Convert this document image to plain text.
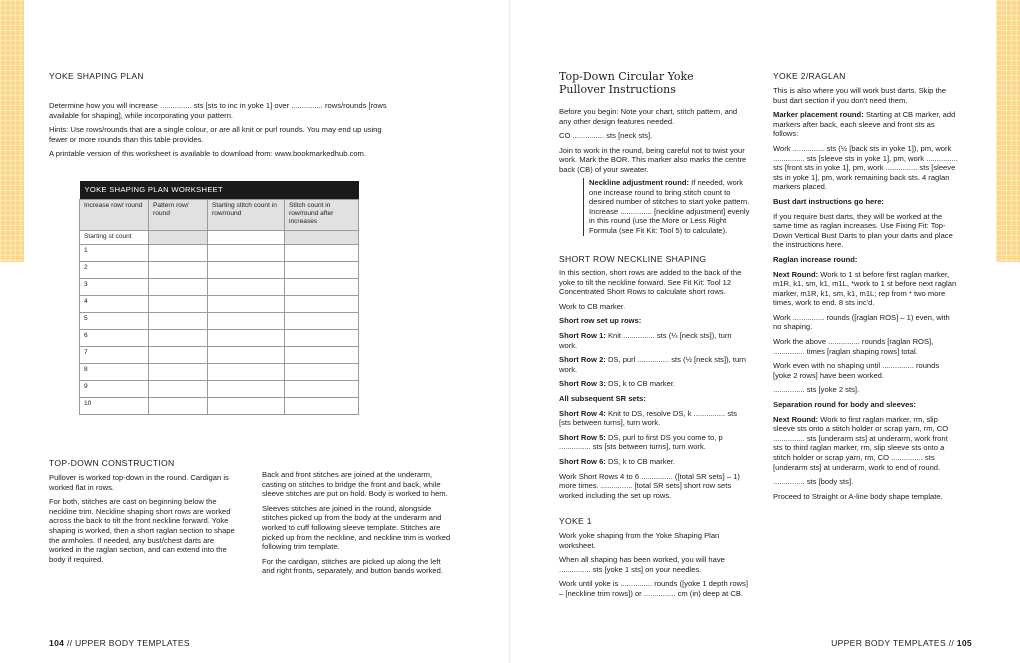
YOKE SHAPING PLAN

Determine how you will increase ............... sts [sts to inc in yoke 1] over ............... rows/rounds [rows available for shaping], while incorporating your pattern.

Hints: Use rows/rounds that are a single colour, or are all knit or purl rounds. You may end up using fewer or more rounds than this table provides.

A printable version of this worksheet is available to download from: www.bookmarkedhub.com.

YOKE SHAPING PLAN WORKSHEET			
Increase row/ round	Pattern row/ round	Starting stitch count in row/round	Stitch count in row/round after increases
Starting st count			
1			
2			
3			
4			
5			
6			
7			
8			
9			
10			
TOP-DOWN CONSTRUCTION

Pullover is worked top-down in the round. Cardigan is worked flat in rows.

For both, stitches are cast on beginning below the neckline trim. Neckline shaping short rows are worked across the back to tilt the front neckline forward. Yoke shaping is worked, then a short raglan section to shape the armholes. If needed, any bust/chest darts are worked in the raglan section, and can extend into the body if required.

Back and front stitches are joined at the underarm, casting on stitches to bridge the front and back, while sleeve stitches are put on hold. Body is worked to hem.

Sleeves stitches are joined in the round, alongside stitches picked up from the body at the underarm and worked to cuff following sleeve template. Stitches are picked up from the neckline, and neckline trim is worked following trim template.

For the cardigan, stitches are picked up along the left and right fronts, separately, and button bands worked.

104 // UPPER BODY TEMPLATES
Top-Down Circular Yoke
Pullover Instructions

Before you begin: Note your chart, stitch pattern, and any other design features needed.

CO ............... sts [neck sts].

Join to work in the round, being careful not to twist your work. Mark the BOR. This marker also marks the centre back (CB) of your sweater.

Neckline adjustment round: If needed, work one increase round to bring stitch count to desired number of stitches to start yoke pattern. Increase ............... [neckline adjustment] evenly in this round (use the More or Less Right Formula (see Fit Kit: Tool 5) to calculate).
SHORT ROW NECKLINE SHAPING

In this section, short rows are added to the back of the yoke to tilt the neckline forward. See Fit Kit: Tool 12 Concentrated Short Rows to calculate short rows.

Work to CB marker.

Short row set up rows:

Short Row 1: Knit ............... sts (¼ [neck sts]), turn work.

Short Row 2: DS, purl ............... sts (½ [neck sts]), turn work.

Short Row 3: DS, k to CB marker.

All subsequent SR sets:

Short Row 4: Knit to DS, resolve DS, k ............... sts [sts between turns], turn work.

Short Row 5: DS, purl to first DS you come to, p ............... sts [sts between turns], turn work.

Short Row 6: DS, k to CB marker.

Work Short Rows 4 to 6 ............... ([total SR sets] – 1) more times. ............... [total SR sets] short row sets worked including the set up rows.

YOKE 1

Work yoke shaping from the Yoke Shaping Plan worksheet.

When all shaping has been worked, you will have ............... sts [yoke 1 sts] on your needles.

Work until yoke is ............... rounds ([yoke 1 depth rows] – [neckline trim rows]) or ............... cm (in) deep at CB.

YOKE 2/RAGLAN

This is also where you will work bust darts. Skip the bust dart section if you don't need them.

Marker placement round: Starting at CB marker, add markers after back, each sleeve and front sts as follows:

Work ............... sts (½ [back sts in yoke 1]), pm, work ............... sts [sleeve sts in yoke 1], pm, work ............... sts [front sts in yoke 1], pm, work ............... sts [sleeve sts in yoke 1], pm, work remaining back sts. 4 raglan markers placed.

Bust dart instructions go here:

If you require bust darts, they will be worked at the same time as raglan increases. Use Fixing Fit: Top-Down Vertical Bust Darts to plan your darts and place the instructions here.

Raglan increase round:

Next Round: Work to 1 st before first raglan marker, m1R, k1, sm, k1, m1L, *work to 1 st before next raglan marker, m1R, k1, sm, k1, m1L; rep from * two more times, work to end. 8 sts inc'd.

Work ............... rounds ([raglan ROS] – 1) even, with no shaping.

Work the above ............... rounds [raglan ROS], ............... times [raglan shaping rows] total.

Work even with no shaping until ............... rounds [yoke 2 rows] have been worked.

............... sts [yoke 2 sts].

Separation round for body and sleeves:

Next Round: Work to first raglan marker, rm, slip sleeve sts onto a stitch holder or scrap yarn, rm, CO ............... sts [underarm sts] at underarm, work front sts to third raglan marker, rm, slip sleeve sts onto a stitch holder or scrap yarn, rm, CO ............... sts [underarm sts] at underarm, work to end of round.

............... sts [body sts].

Proceed to Straight or A-line body shape template.

UPPER BODY TEMPLATES // 105
